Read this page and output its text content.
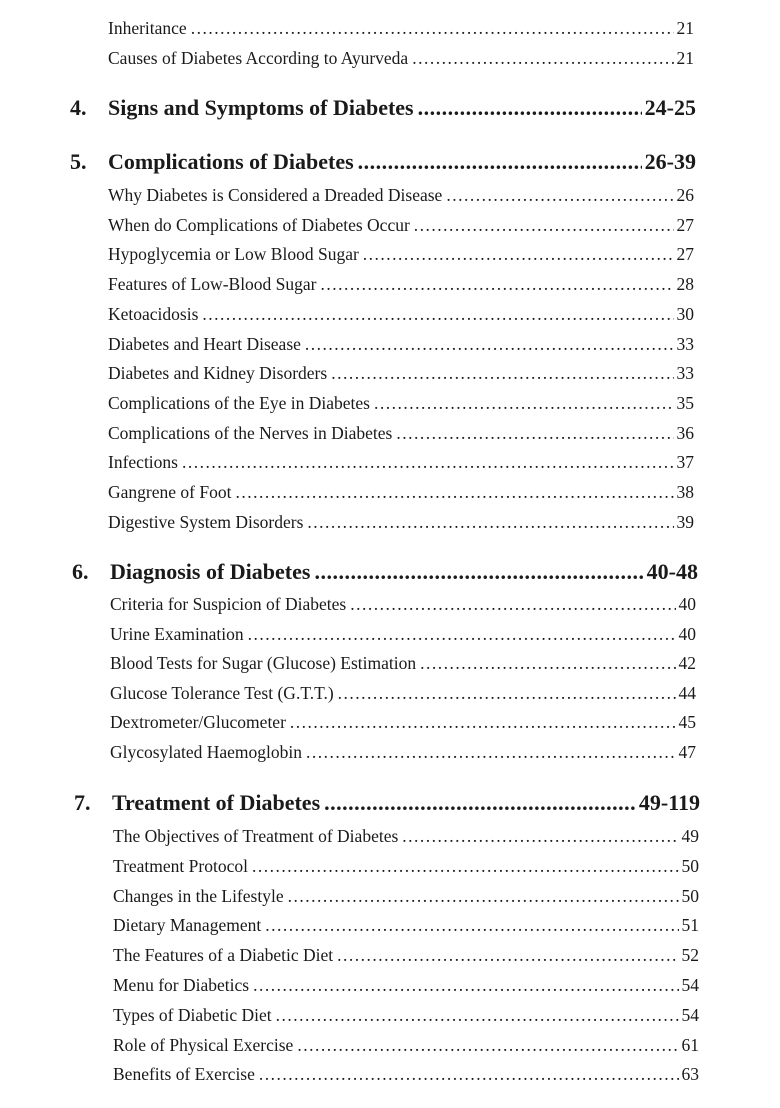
Inheritance .....	21
Causes of Diabetes According to Ayurveda .....	21
4. Signs and Symptoms of Diabetes .....	24-25
5. Complications of Diabetes .....	26-39
Why Diabetes is Considered a Dreaded Disease .....	26
When do Complications of Diabetes Occur .....	27
Hypoglycemia or Low Blood Sugar .....	27
Features of Low-Blood Sugar .....	28
Ketoacidosis .....	30
Diabetes and Heart Disease .....	33
Diabetes and Kidney Disorders .....	33
Complications of the Eye in Diabetes .....	35
Complications of the Nerves in Diabetes .....	36
Infections .....	37
Gangrene of Foot .....	38
Digestive System Disorders .....	39
6. Diagnosis of Diabetes .....	40-48
Criteria for Suspicion of Diabetes .....	40
Urine Examination .....	40
Blood Tests for Sugar (Glucose) Estimation .....	42
Glucose Tolerance Test (G.T.T.) .....	44
Dextrometer/Glucometer .....	45
Glycosylated Haemoglobin .....	47
7. Treatment of Diabetes .....	49-119
The Objectives of Treatment of Diabetes .....	49
Treatment Protocol .....	50
Changes in the Lifestyle .....	50
Dietary Management .....	51
The Features of a Diabetic Diet .....	52
Menu for Diabetics .....	54
Types of Diabetic Diet .....	54
Role of Physical Exercise .....	61
Benefits of Exercise .....	63
